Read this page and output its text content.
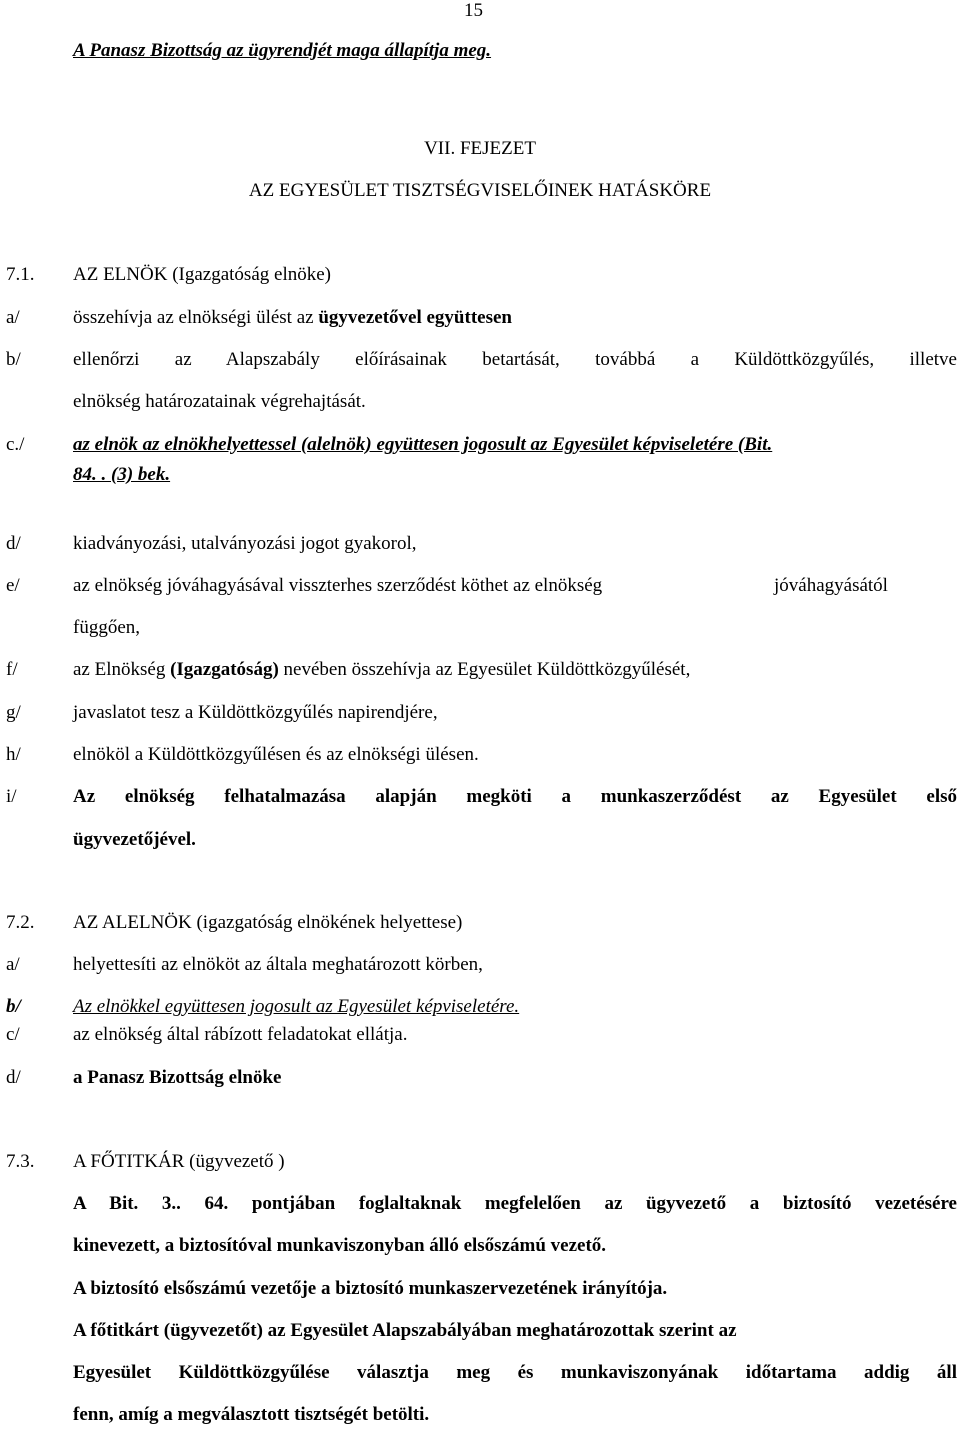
15
A Panasz Bizottság az ügyrendjét maga állapítja meg.
VII. FEJEZET
AZ EGYESÜLET TISZTSÉGVISELŐINEK HATÁSKÖRE
7.1. AZ ELNÖK (Igazgatóság elnöke)
a/	összehívja az elnökségi ülést az ügyvezetővel együttesen
b/	ellenőrzi az Alapszabály előírásainak betartását, továbbá a Küldöttközgyűlés, illetve
elnökség határozatainak végrehajtását.
c./	az elnök az elnökhelyettessel (alelnök) együttesen jogosult az Egyesület képviseletére (Bit.
84. . (3) bek.
d/	kiadványozási, utalványozási jogot gyakorol,
e/	az elnökség jóváhagyásával visszterhes szerződést köthet az elnökség	jóváhagyásától
függően,
f/	az Elnökség (Igazgatóság) nevében összehívja az Egyesület Küldöttközgyűlését,
g/	javaslatot tesz a Küldöttközgyűlés napirendjére,
h/	elnököl a Küldöttközgyűlésen és az elnökségi ülésen.
i/	Az elnökség felhatalmazása alapján megköti a munkaszerződést az Egyesület első
ügyvezetőjével.
7.2. AZ ALELNÖK (igazgatóság elnökének helyettese)
a/	helyettesíti az elnököt az általa meghatározott körben,
b/	Az elnökkel együttesen jogosult az Egyesület képviseletére.
c/	az elnökség által rábízott feladatokat ellátja.
d/	a Panasz Bizottság elnöke
7.3. A FŐTITKÁR (ügyvezető )
A Bit. 3.. 64. pontjában foglaltaknak megfelelően az ügyvezető a biztosító vezetésére
kinevezett, a biztosítóval munkaviszonyban álló elsőszámú vezető.
A biztosító elsőszámú vezetője a biztosító munkaszervezetének irányítója.
A főtitkárt (ügyvezetőt) az Egyesület Alapszabályában meghatározottak szerint az
Egyesület Küldöttközgyűlése választja meg és munkaviszonyának időtartama addig áll
fenn, amíg a megválasztott tisztségét betölti.
